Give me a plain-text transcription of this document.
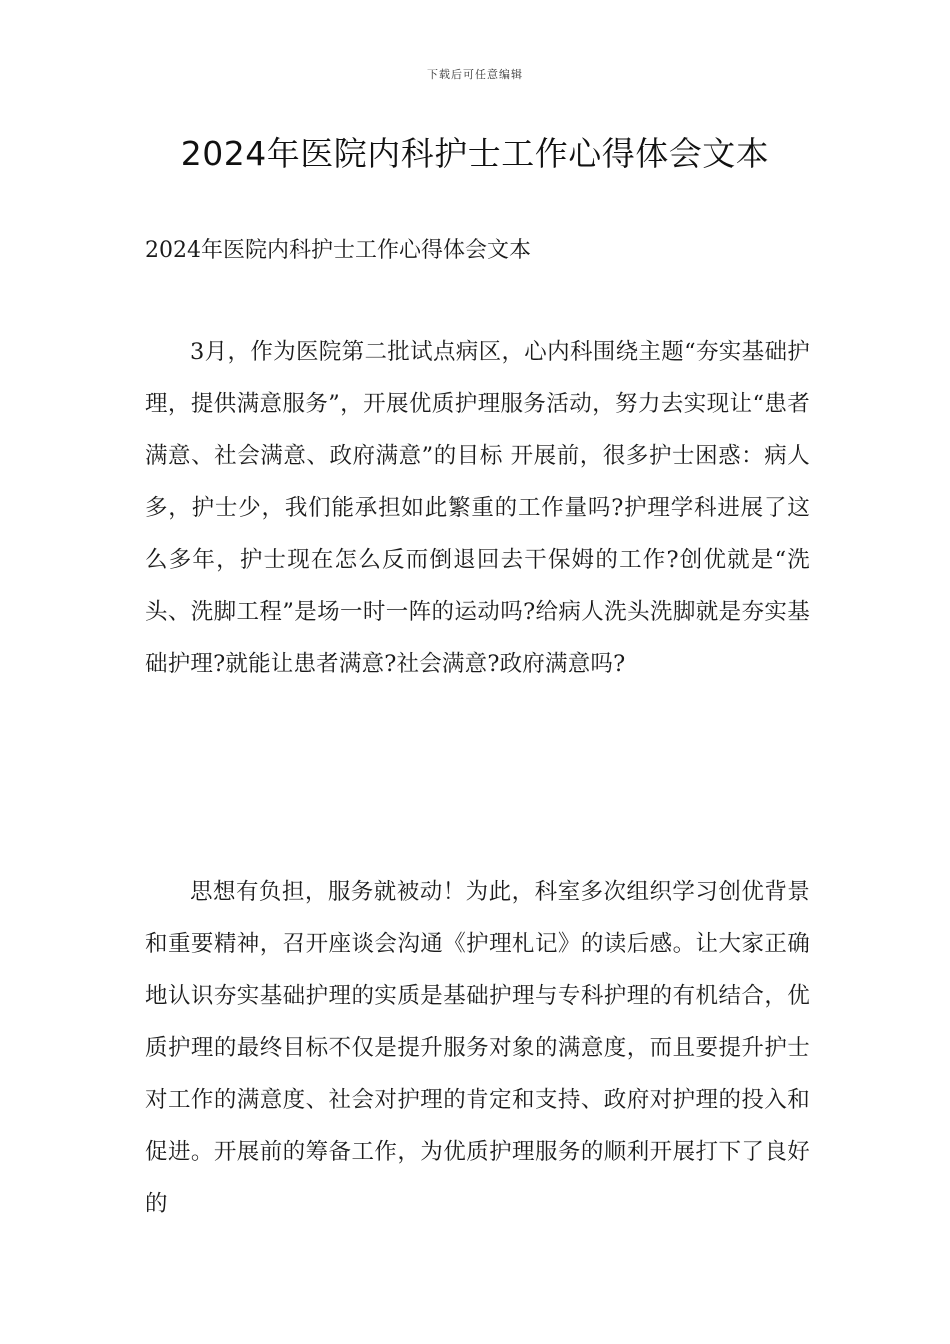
下载后可任意编辑
2024年医院内科护士工作心得体会文本

2024年医院内科护士工作心得体会文本

3月，作为医院第二批试点病区，心内科围绕主题“夯实基础护理，提供满意服务”，开展优质护理服务活动，努力去实现让“患者满意、社会满意、政府满意”的目标 开展前，很多护士困惑：病人多，护士少，我们能承担如此繁重的工作量吗?护理学科进展了这么多年，护士现在怎么反而倒退回去干保姆的工作?创优就是“洗头、洗脚工程”是场一时一阵的运动吗?给病人洗头洗脚就是夯实基础护理?就能让患者满意?社会满意?政府满意吗?

思想有负担，服务就被动！为此，科室多次组织学习创优背景和重要精神，召开座谈会沟通《护理札记》的读后感。让大家正确地认识夯实基础护理的实质是基础护理与专科护理的有机结合，优质护理的最终目标不仅是提升服务对象的满意度，而且要提升护士对工作的满意度、社会对护理的肯定和支持、政府对护理的投入和促进。开展前的筹备工作，为优质护理服务的顺利开展打下了良好的
